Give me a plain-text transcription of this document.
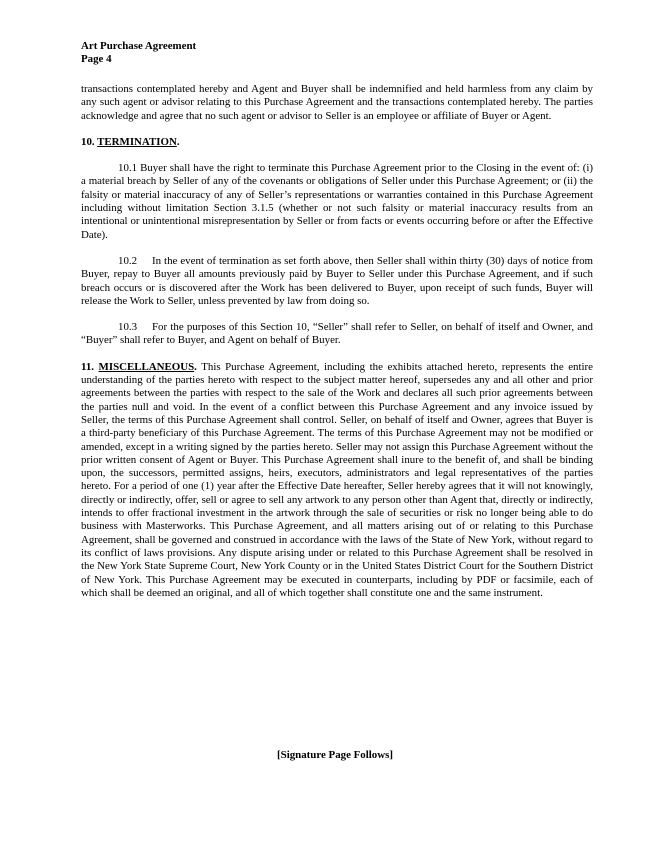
Art Purchase Agreement
Page 4

transactions contemplated hereby and Agent and Buyer shall be indemnified and held harmless from any claim by any such agent or advisor relating to this Purchase Agreement and the transactions contemplated hereby. The parties acknowledge and agree that no such agent or advisor to Seller is an employee or affiliate of Buyer or Agent.

10. TERMINATION.

10.1 Buyer shall have the right to terminate this Purchase Agreement prior to the Closing in the event of: (i) a material breach by Seller of any of the covenants or obligations of Seller under this Purchase Agreement; or (ii) the falsity or material inaccuracy of any of Seller’s representations or warranties contained in this Purchase Agreement including without limitation Section 3.1.5 (whether or not such falsity or material inaccuracy results from an intentional or unintentional misrepresentation by Seller or from facts or events occurring before or after the Effective Date).

10.2 In the event of termination as set forth above, then Seller shall within thirty (30) days of notice from Buyer, repay to Buyer all amounts previously paid by Buyer to Seller under this Purchase Agreement, and if such breach occurs or is discovered after the Work has been delivered to Buyer, upon receipt of such funds, Buyer will release the Work to Seller, unless prevented by law from doing so.

10.3 For the purposes of this Section 10, “Seller” shall refer to Seller, on behalf of itself and Owner, and “Buyer” shall refer to Buyer, and Agent on behalf of Buyer.

11. MISCELLANEOUS. This Purchase Agreement, including the exhibits attached hereto, represents the entire understanding of the parties hereto with respect to the subject matter hereof, supersedes any and all other and prior agreements between the parties with respect to the sale of the Work and declares all such prior agreements between the parties null and void. In the event of a conflict between this Purchase Agreement and any invoice issued by Seller, the terms of this Purchase Agreement shall control. Seller, on behalf of itself and Owner, agrees that Buyer is a third-party beneficiary of this Purchase Agreement. The terms of this Purchase Agreement may not be modified or amended, except in a writing signed by the parties hereto. Seller may not assign this Purchase Agreement without the prior written consent of Agent or Buyer. This Purchase Agreement shall inure to the benefit of, and shall be binding upon, the successors, permitted assigns, heirs, executors, administrators and legal representatives of the parties hereto. For a period of one (1) year after the Effective Date hereafter, Seller hereby agrees that it will not knowingly, directly or indirectly, offer, sell or agree to sell any artwork to any person other than Agent that, directly or indirectly, intends to offer fractional investment in the artwork through the sale of securities or risk no longer being able to do business with Masterworks. This Purchase Agreement, and all matters arising out of or relating to this Purchase Agreement, shall be governed and construed in accordance with the laws of the State of New York, without regard to its conflict of laws provisions. Any dispute arising under or related to this Purchase Agreement shall be resolved in the New York State Supreme Court, New York County or in the United States District Court for the Southern District of New York. This Purchase Agreement may be executed in counterparts, including by PDF or facsimile, each of which shall be deemed an original, and all of which together shall constitute one and the same instrument.

[Signature Page Follows]
